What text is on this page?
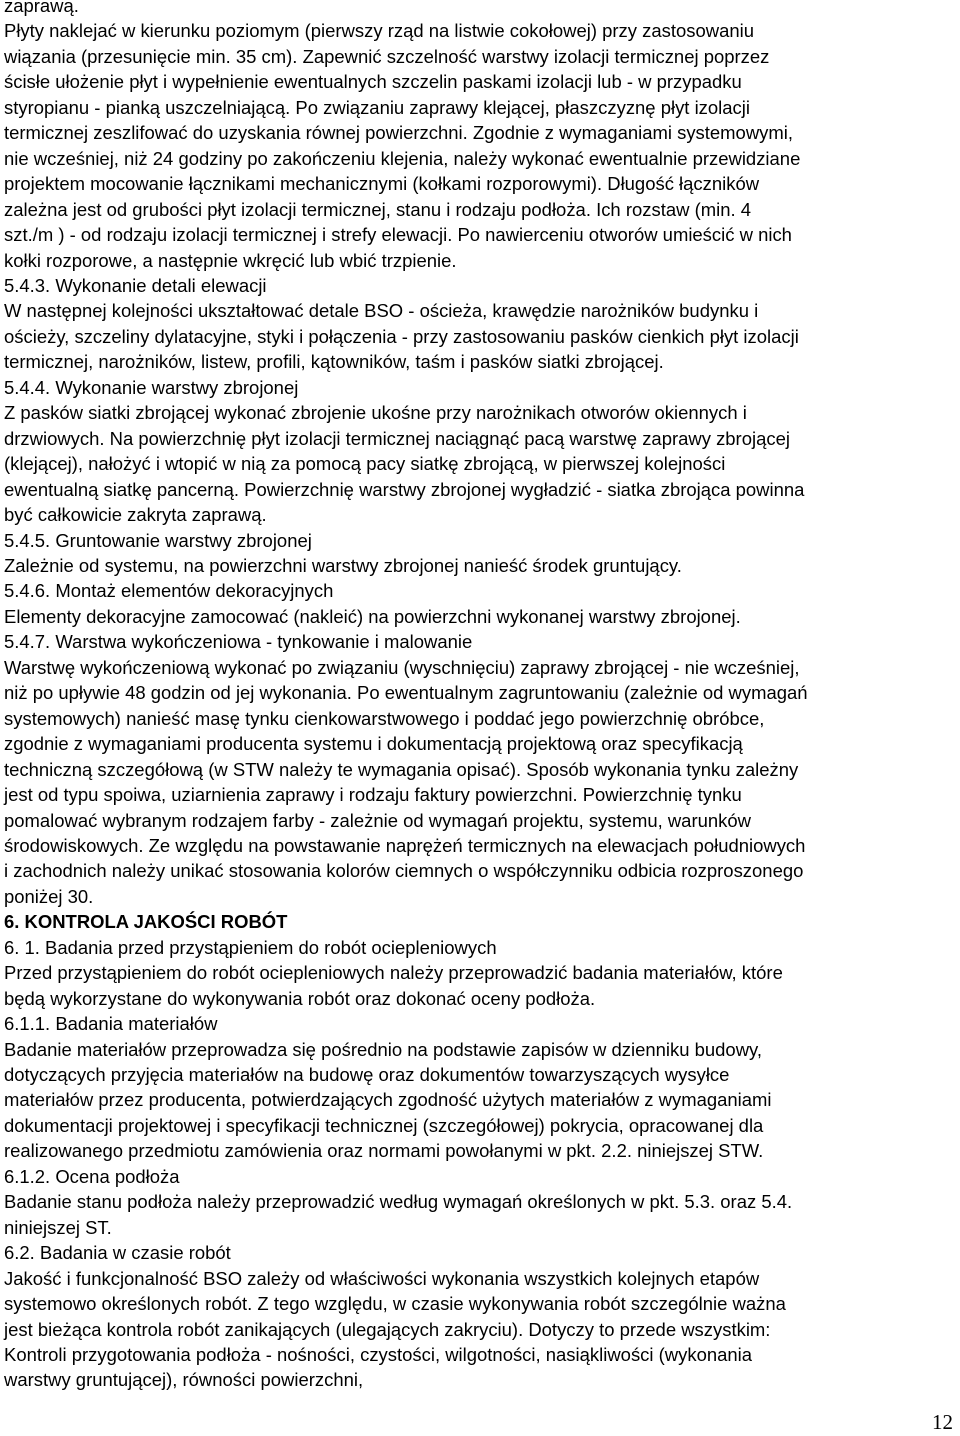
zaprawą.
Płyty naklejać w kierunku poziomym (pierwszy rząd na listwie cokołowej) przy zastosowaniu
wiązania (przesunięcie min. 35 cm). Zapewnić szczelność warstwy izolacji termicznej poprzez
ścisłe ułożenie płyt i wypełnienie ewentualnych szczelin paskami izolacji lub - w przypadku
styropianu - pianką uszczelniającą. Po związaniu zaprawy klejącej, płaszczyznę płyt izolacji
termicznej zeszlifować do uzyskania równej powierzchni. Zgodnie z wymaganiami systemowymi,
nie wcześniej, niż 24 godziny po zakończeniu klejenia, należy wykonać ewentualnie przewidziane
projektem mocowanie łącznikami mechanicznymi (kołkami rozporowymi). Długość łączników
zależna jest od grubości płyt izolacji termicznej, stanu i rodzaju podłoża. Ich rozstaw (min. 4
szt./m ) - od rodzaju izolacji termicznej i strefy elewacji. Po nawierceniu otworów umieścić w nich
kołki rozporowe, a następnie wkręcić lub wbić trzpienie.
5.4.3. Wykonanie detali elewacji
W następnej kolejności ukształtować detale BSO - ościeża, krawędzie narożników budynku i
ościeży, szczeliny dylatacyjne, styki i połączenia - przy zastosowaniu pasków cienkich płyt izolacji
termicznej, narożników, listew, profili, kątowników, taśm i pasków siatki zbrojącej.
5.4.4. Wykonanie warstwy zbrojonej
Z pasków siatki zbrojącej wykonać zbrojenie ukośne przy narożnikach otworów okiennych i
drzwiowych. Na powierzchnię płyt izolacji termicznej naciągnąć pacą warstwę zaprawy zbrojącej
(klejącej), nałożyć i wtopić w nią za pomocą pacy siatkę zbrojącą, w pierwszej kolejności
ewentualną siatkę pancerną. Powierzchnię warstwy zbrojonej wygładzić - siatka zbrojąca powinna
być całkowicie zakryta zaprawą.
5.4.5. Gruntowanie warstwy zbrojonej
Zależnie od systemu, na powierzchni warstwy zbrojonej nanieść środek gruntujący.
5.4.6. Montaż elementów dekoracyjnych
Elementy dekoracyjne zamocować (nakleić) na powierzchni wykonanej warstwy zbrojonej.
5.4.7. Warstwa wykończeniowa - tynkowanie i malowanie
Warstwę wykończeniową wykonać po związaniu (wyschnięciu) zaprawy zbrojącej - nie wcześniej,
niż po upływie 48 godzin od jej wykonania. Po ewentualnym zagruntowaniu (zależnie od wymagań
systemowych) nanieść masę tynku cienkowarstwowego i poddać jego powierzchnię obróbce,
zgodnie z wymaganiami producenta systemu i dokumentacją projektową oraz specyfikacją
techniczną szczegółową (w STW należy te wymagania opisać). Sposób wykonania tynku zależny
jest od typu spoiwa, uziarnienia zaprawy i rodzaju faktury powierzchni. Powierzchnię tynku
pomalować wybranym rodzajem farby - zależnie od wymagań projektu, systemu, warunków
środowiskowych. Ze względu na powstawanie naprężeń termicznych na elewacjach południowych
i zachodnich należy unikać stosowania kolorów ciemnych o współczynniku odbicia rozproszonego
poniżej 30.
6. KONTROLA JAKOŚCI ROBÓT
6. 1. Badania przed przystąpieniem do robót ociepleniowych
Przed przystąpieniem do robót ociepleniowych należy przeprowadzić badania materiałów, które
będą wykorzystane do wykonywania robót oraz dokonać oceny podłoża.
6.1.1. Badania materiałów
Badanie materiałów przeprowadza się pośrednio na podstawie zapisów w dzienniku budowy,
dotyczących przyjęcia materiałów na budowę oraz dokumentów towarzyszących wysyłce
materiałów przez producenta, potwierdzających zgodność użytych materiałów z wymaganiami
dokumentacji projektowej i specyfikacji technicznej (szczegółowej) pokrycia, opracowanej dla
realizowanego przedmiotu zamówienia oraz normami powołanymi w pkt. 2.2. niniejszej STW.
6.1.2. Ocena podłoża
Badanie stanu podłoża należy przeprowadzić według wymagań określonych w pkt. 5.3. oraz 5.4.
niniejszej ST.
6.2. Badania w czasie robót
Jakość i funkcjonalność BSO zależy od właściwości wykonania wszystkich kolejnych etapów
systemowo określonych robót. Z tego względu, w czasie wykonywania robót szczególnie ważna
jest bieżąca kontrola robót zanikających (ulegających zakryciu). Dotyczy to przede wszystkim:
Kontroli przygotowania podłoża - nośności, czystości, wilgotności, nasiąkliwości (wykonania
warstwy gruntującej), równości powierzchni,
12
